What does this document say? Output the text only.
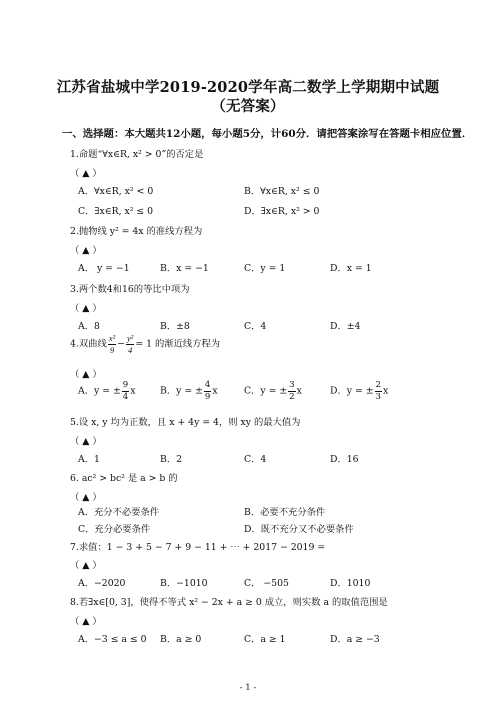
江苏省盐城中学2019-2020学年高二数学上学期期中试题
（无答案）
一、选择题：本大题共12小题，每小题5分，计60分．请把答案涂写在答题卡相应位置．
1.命题“∀x∈R, x² > 0”的否定是
（ ▲ ）
A．∀x∈R, x² < 0	B．∀x∈R, x² ≤ 0
C．∃x∈R, x² ≤ 0	D．∃x∈R, x² > 0
2.抛物线 y² = 4x 的准线方程为
（ ▲ ）
A． y = −1	B．x = −1	C．y = 1	D．x = 1
3.两个数4和16的等比中项为
（ ▲ ）
A．8	B．±8	C．4	D．±4
4.双曲线 $\frac{\text{x²}}{9} - \frac{\text{y²}}{4} = 1$ 的渐近线方程为
（ ▲ ）
A．y = ± $\frac{9}{4}$ x	B．y = ± $\frac{4}{9}$ x	C．y = ± $\frac{3}{2}$ x	D．y = ± $\frac{2}{3}$ x
5.设 x, y 均为正数，且 x + 4y = 4，则 xy 的最大值为
（ ▲ ）
A．1	B．2	C．4	D．16
6. ac² > bc² 是 a > b 的
（ ▲ ）
A．充分不必要条件	B．必要不充分条件
C．充分必要条件	D．既不充分又不必要条件
7.求值：1 − 3 + 5 − 7 + 9 − 11 + ⋯ + 2017 − 2019 =
（ ▲ ）
A．−2020	B．−1010	C． −505	D．1010
8.若∃x∈[0, 3]，使得不等式 x² − 2x + a ≥ 0 成立，则实数 a 的取值范围是
（ ▲ ）
A．−3 ≤ a ≤ 0 B．a ≥ 0	C．a ≥ 1	D．a ≥ −3
- 1 -
